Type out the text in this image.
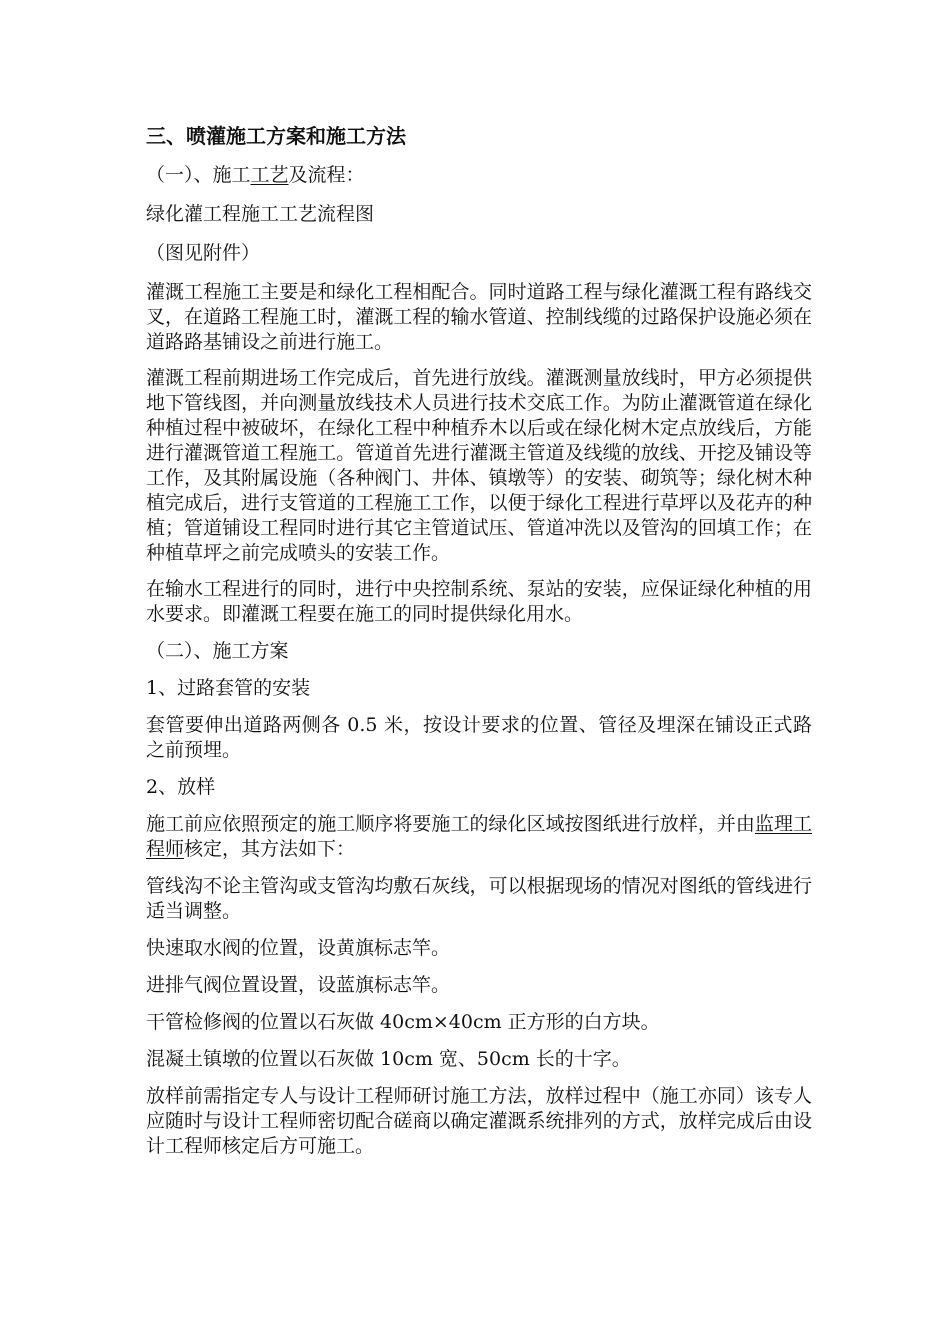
三、喷灌施工方案和施工方法

（一）、施工工艺及流程：

绿化灌工程施工工艺流程图

（图见附件）

灌溉工程施工主要是和绿化工程相配合。同时道路工程与绿化灌溉工程有路线交叉，在道路工程施工时，灌溉工程的输水管道、控制线缆的过路保护设施必须在道路路基铺设之前进行施工。

灌溉工程前期进场工作完成后，首先进行放线。灌溉测量放线时，甲方必须提供地下管线图，并向测量放线技术人员进行技术交底工作。为防止灌溉管道在绿化种植过程中被破坏，在绿化工程中种植乔木以后或在绿化树木定点放线后，方能进行灌溉管道工程施工。管道首先进行灌溉主管道及线缆的放线、开挖及铺设等工作，及其附属设施（各种阀门、井体、镇墩等）的安装、砌筑等；绿化树木种植完成后，进行支管道的工程施工工作，以便于绿化工程进行草坪以及花卉的种植；管道铺设工程同时进行其它主管道试压、管道冲洗以及管沟的回填工作；在种植草坪之前完成喷头的安装工作。

在输水工程进行的同时，进行中央控制系统、泵站的安装，应保证绿化种植的用水要求。即灌溉工程要在施工的同时提供绿化用水。

（二）、施工方案

1、过路套管的安装

套管要伸出道路两侧各 0.5 米，按设计要求的位置、管径及埋深在铺设正式路之前预埋。

2、放样

施工前应依照预定的施工顺序将要施工的绿化区域按图纸进行放样，并由监理工程师核定，其方法如下：

管线沟不论主管沟或支管沟均敷石灰线，可以根据现场的情况对图纸的管线进行适当调整。

快速取水阀的位置，设黄旗标志竿。

进排气阀位置设置，设蓝旗标志竿。

干管检修阀的位置以石灰做 40cm×40cm 正方形的白方块。

混凝土镇墩的位置以石灰做 10cm 宽、50cm 长的十字。

放样前需指定专人与设计工程师研讨施工方法，放样过程中（施工亦同）该专人应随时与设计工程师密切配合磋商以确定灌溉系统排列的方式，放样完成后由设计工程师核定后方可施工。
